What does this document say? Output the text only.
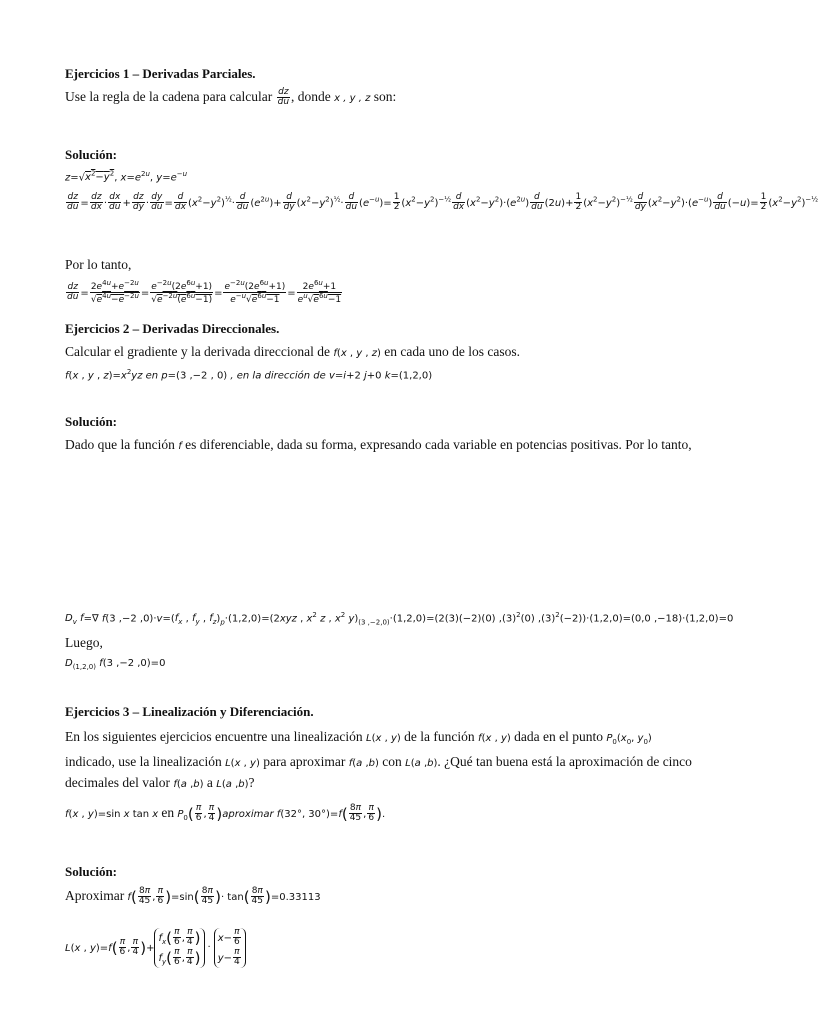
Ejercicios 1 – Derivadas Parciales.
Use la regla de la cadena para calcular $\frac{dz}{du}$ , donde x , y , z son:
Solución:
$z=√x^2-y^2$, $x=e^{2u}$, $y=e^{-u}$
$\frac{dz}{du} = \frac{dz}{dx} \cdot \frac{dx}{du} + \frac{dz}{dy} \cdot \frac{dy}{du} = \frac{d}{dx} (x^2-y^2)^{\frac{1}{2}}\cdot \frac{d}{du} (e^{2u})+ \frac{d}{dy} (x^2-y^2)^{\frac{1}{2}}\cdot \frac{d}{du} (e^{-u})= \frac{1}{2} (x^2-y^2)^{-\frac{1}{2}} \frac{d}{dx} (x^2-y^2)\cdot(e^{2u}) \frac{d}{du} (2u)+ \frac{1}{2} (x^2-y^2)^{-\frac{1}{2}} \frac{d}{dy} (x^2-y^2)\cdot(e^{-u}) \frac{d}{du} (-u)= \frac{1}{2} (x^2-y^2)^{-\frac{1}{2}}$
Por lo tanto,
$\frac{dz}{du} = \frac{2e^{4u}+e^{-2u}}{√e^{4u}-e^{-2u}} = \frac{e^{-2u}(2e^{6u}+1)}{√e^{-2u}(e^{6u}-1)} = \frac{e^{-2u}(2e^{6u}+1)}{e^{-u}√e^{6u}-1} = \frac{2e^{6u}+1}{e^u√e^{6u}-1}$
Ejercicios 2 – Derivadas Direccionales.
Calcular el gradiente y la derivada direccional de f(x , y , z) en cada uno de los casos.
f(x , y , $z)=x^2yz$ en p=(3 ,−2 , 0) , en la dirección de v=i+2 j+0 k=(1,2,0)
Solución:
Dado que la función f es diferenciable, dada su forma, expresando cada variable en potencias positivas. Por lo tanto,
$D_v$ f=∇ f(3 ,−2 $,0)\cdot v=(f_x$ , $f_y$ , $f_z)_p\cdot(1,2,0)=(2xyz$ , $x^2$ z , $x^2$ $y)_{(3 ,-2,0)}\cdot(1,2,0)=(2(3)(-2)(0)$ $,(3)^2(0)$ $,(3)^2(-2))\cdot(1,2,0)=(0,0$ ,−18)·(1,2,0)=0
Luego,
$D_{(1,2,0)}$ f(3 ,−2 ,0)=0
Ejercicios 3 – Linealización y Diferenciación.
En los siguientes ejercicios encuentre una linealización L(x , y) de la función f(x , y) dada en el punto $P_0(x_0$, $y_0$) indicado, use la linealización L(x , y) para aproximar f(a ,b) con L(a ,b). ¿Qué tan buena está la aproximación de cinco decimales del valor f(a ,b) a L(a ,b)?
f(x , y)=sin x tan x en $P_0( \frac{\pi}{6}$ , $\frac{\pi}{4}$ )aproximar f(32°, $30^\circ)=f( \frac{8\pi}{45}$ , $\frac{\pi}{6}$ ).
Solución:
Aproximar $f( \frac{8\pi}{45}$ , $\frac{\pi}{6} )=\sin( \frac{8\pi}{45}$ )· $\tan( \frac{8\pi}{45} )=0.33113$
L(x , $y)=f( \frac{\pi}{6}$ , $\frac{\pi}{4}$ )+
$f_x( \frac{\pi}{6}$ , $\frac{\pi}{4}$ )
$f_y( \frac{\pi}{6}$ , $\frac{\pi}{4}$ )
·
$x- \frac{\pi}{6}$
$y- \frac{\pi}{4}$
